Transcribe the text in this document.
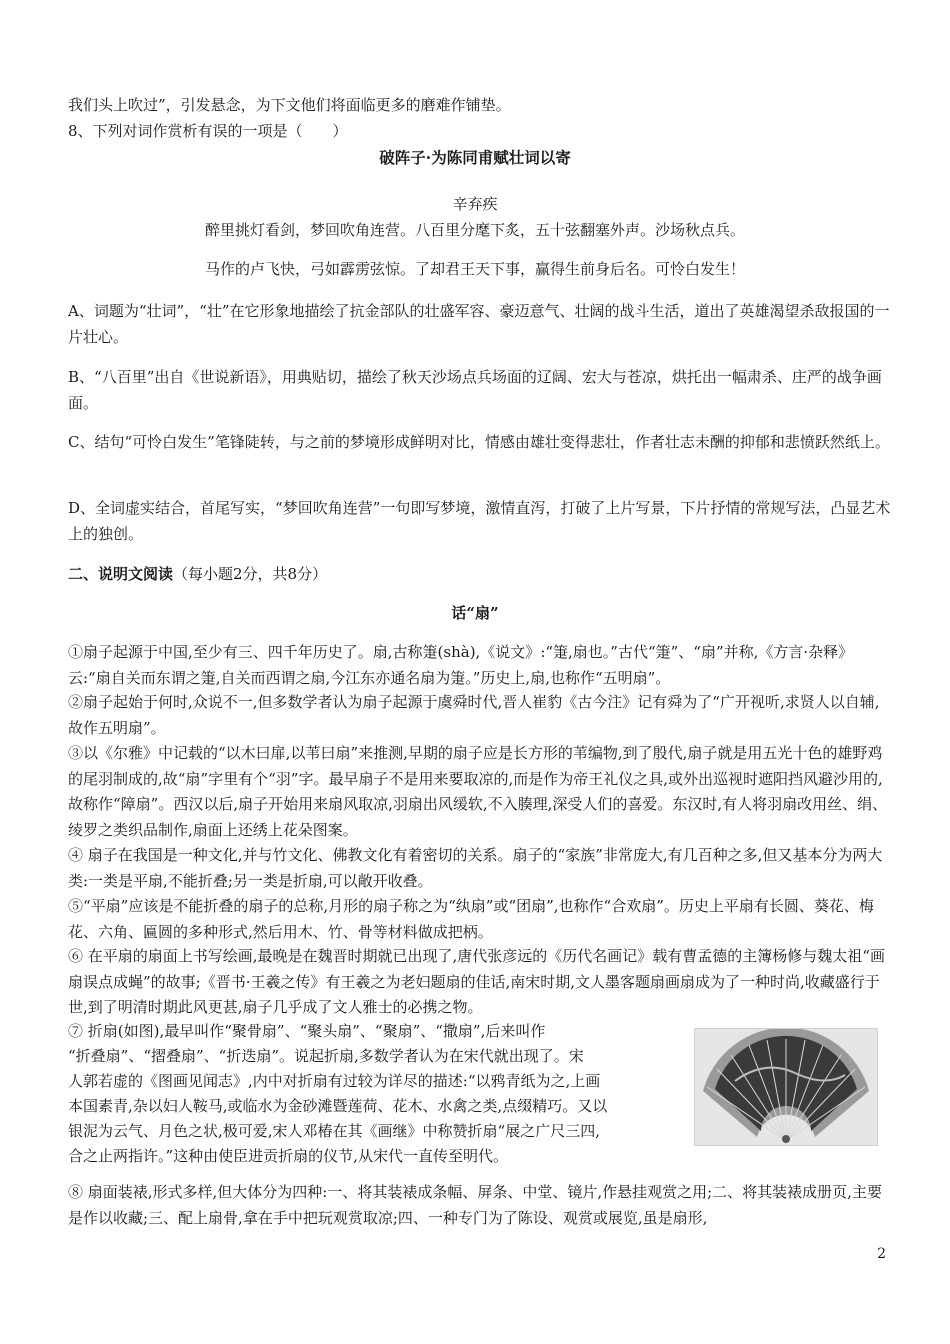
我们头上吹过”，引发悬念，为下文他们将面临更多的磨难作铺垫。
8、下列对词作赏析有误的一项是（　　）
破阵子·为陈同甫赋壮词以寄
辛弃疾
醉里挑灯看剑，梦回吹角连营。八百里分麾下炙，五十弦翻塞外声。沙场秋点兵。
马作的卢飞快，弓如霹雳弦惊。了却君王天下事，赢得生前身后名。可怜白发生！
A、词题为“壮词”，“壮”在它形象地描绘了抗金部队的壮盛军容、豪迈意气、壮阔的战斗生活，道出了英雄渴望杀敌报国的一片壮心。
B、“八百里”出自《世说新语》，用典贴切，描绘了秋天沙场点兵场面的辽阔、宏大与苍凉，烘托出一幅肃杀、庄严的战争画面。
C、结句“可怜白发生”笔锋陡转，与之前的梦境形成鲜明对比，情感由雄壮变得悲壮，作者壮志未酬的抑郁和悲愤跃然纸上。
D、全词虚实结合，首尾写实，“梦回吹角连营”一句即写梦境，激情直泻，打破了上片写景，下片抒情的常规写法，凸显艺术上的独创。
二、说明文阅读（每小题2分，共8分）
话“扇”
①扇子起源于中国,至少有三、四千年历史了。扇,古称箑(shà),《说文》:“箑,扇也。”古代“箑”、“扇”并称,《方言·杂释》云:“扇自关而东谓之箑,自关而西谓之扇,今江东亦通名扇为箑。”历史上,扇,也称作“五明扇”。
②扇子起始于何时,众说不一,但多数学者认为扇子起源于虞舜时代,晋人崔豹《古今注》记有舜为了“广开视听,求贤人以自辅,故作五明扇”。
③以《尔雅》中记载的“以木曰扉,以苇曰扇”来推测,早期的扇子应是长方形的苇编物,到了殷代,扇子就是用五光十色的雄野鸡的尾羽制成的,故“扇”字里有个“羽”字。最早扇子不是用来要取凉的,而是作为帝王礼仪之具,或外出巡视时遮阳挡风避沙用的,故称作“障扇”。西汉以后,扇子开始用来扇风取凉,羽扇出风缓软,不入腠理,深受人们的喜爱。东汉时,有人将羽扇改用丝、绢、绫罗之类织品制作,扇面上还绣上花朵图案。
④ 扇子在我国是一种文化,并与竹文化、佛教文化有着密切的关系。扇子的“家族”非常庞大,有几百种之多,但又基本分为两大类:一类是平扇,不能折叠;另一类是折扇,可以敞开收叠。
⑤“平扇”应该是不能折叠的扇子的总称,月形的扇子称之为“纨扇”或“团扇”,也称作“合欢扇”。历史上平扇有长圆、葵花、梅花、六角、匾圆的多种形式,然后用木、竹、骨等材料做成把柄。
⑥ 在平扇的扇面上书写绘画,最晚是在魏晋时期就已出现了,唐代张彦远的《历代名画记》载有曹孟德的主簿杨修与魏太祖“画扇误点成蝇”的故事;《晋书·王羲之传》有王羲之为老妇题扇的佳话,南宋时期,文人墨客题扇画扇成为了一种时尚,收藏盛行于世,到了明清时期此风更甚,扇子几乎成了文人雅士的必携之物。
⑦ 折扇(如图),最早叫作“聚骨扇”、“聚头扇”、“聚扇”、“撒扇”,后来叫作
“折叠扇”、“摺叠扇”、“折迭扇”。说起折扇,多数学者认为在宋代就出现了。宋
人郭若虚的《图画见闻志》,内中对折扇有过较为详尽的描述:“以鸦青纸为之,上画
本国素青,杂以妇人鞍马,或临水为金砂滩暨莲荷、花木、水禽之类,点缀精巧。又以
银泥为云气、月色之状,极可爱,宋人邓椿在其《画继》中称赞折扇“展之广尺三四,
合之止两指许。”这种由使臣进贡折扇的仪节,从宋代一直传至明代。
⑧ 扇面装裱,形式多样,但大体分为四种:一、将其装裱成条幅、屏条、中堂、镜片,作悬挂观赏之用;二、将其装裱成册页,主要是作以收藏;三、配上扇骨,拿在手中把玩观赏取凉;四、一种专门为了陈设、观赏或展览,虽是扇形,
2
